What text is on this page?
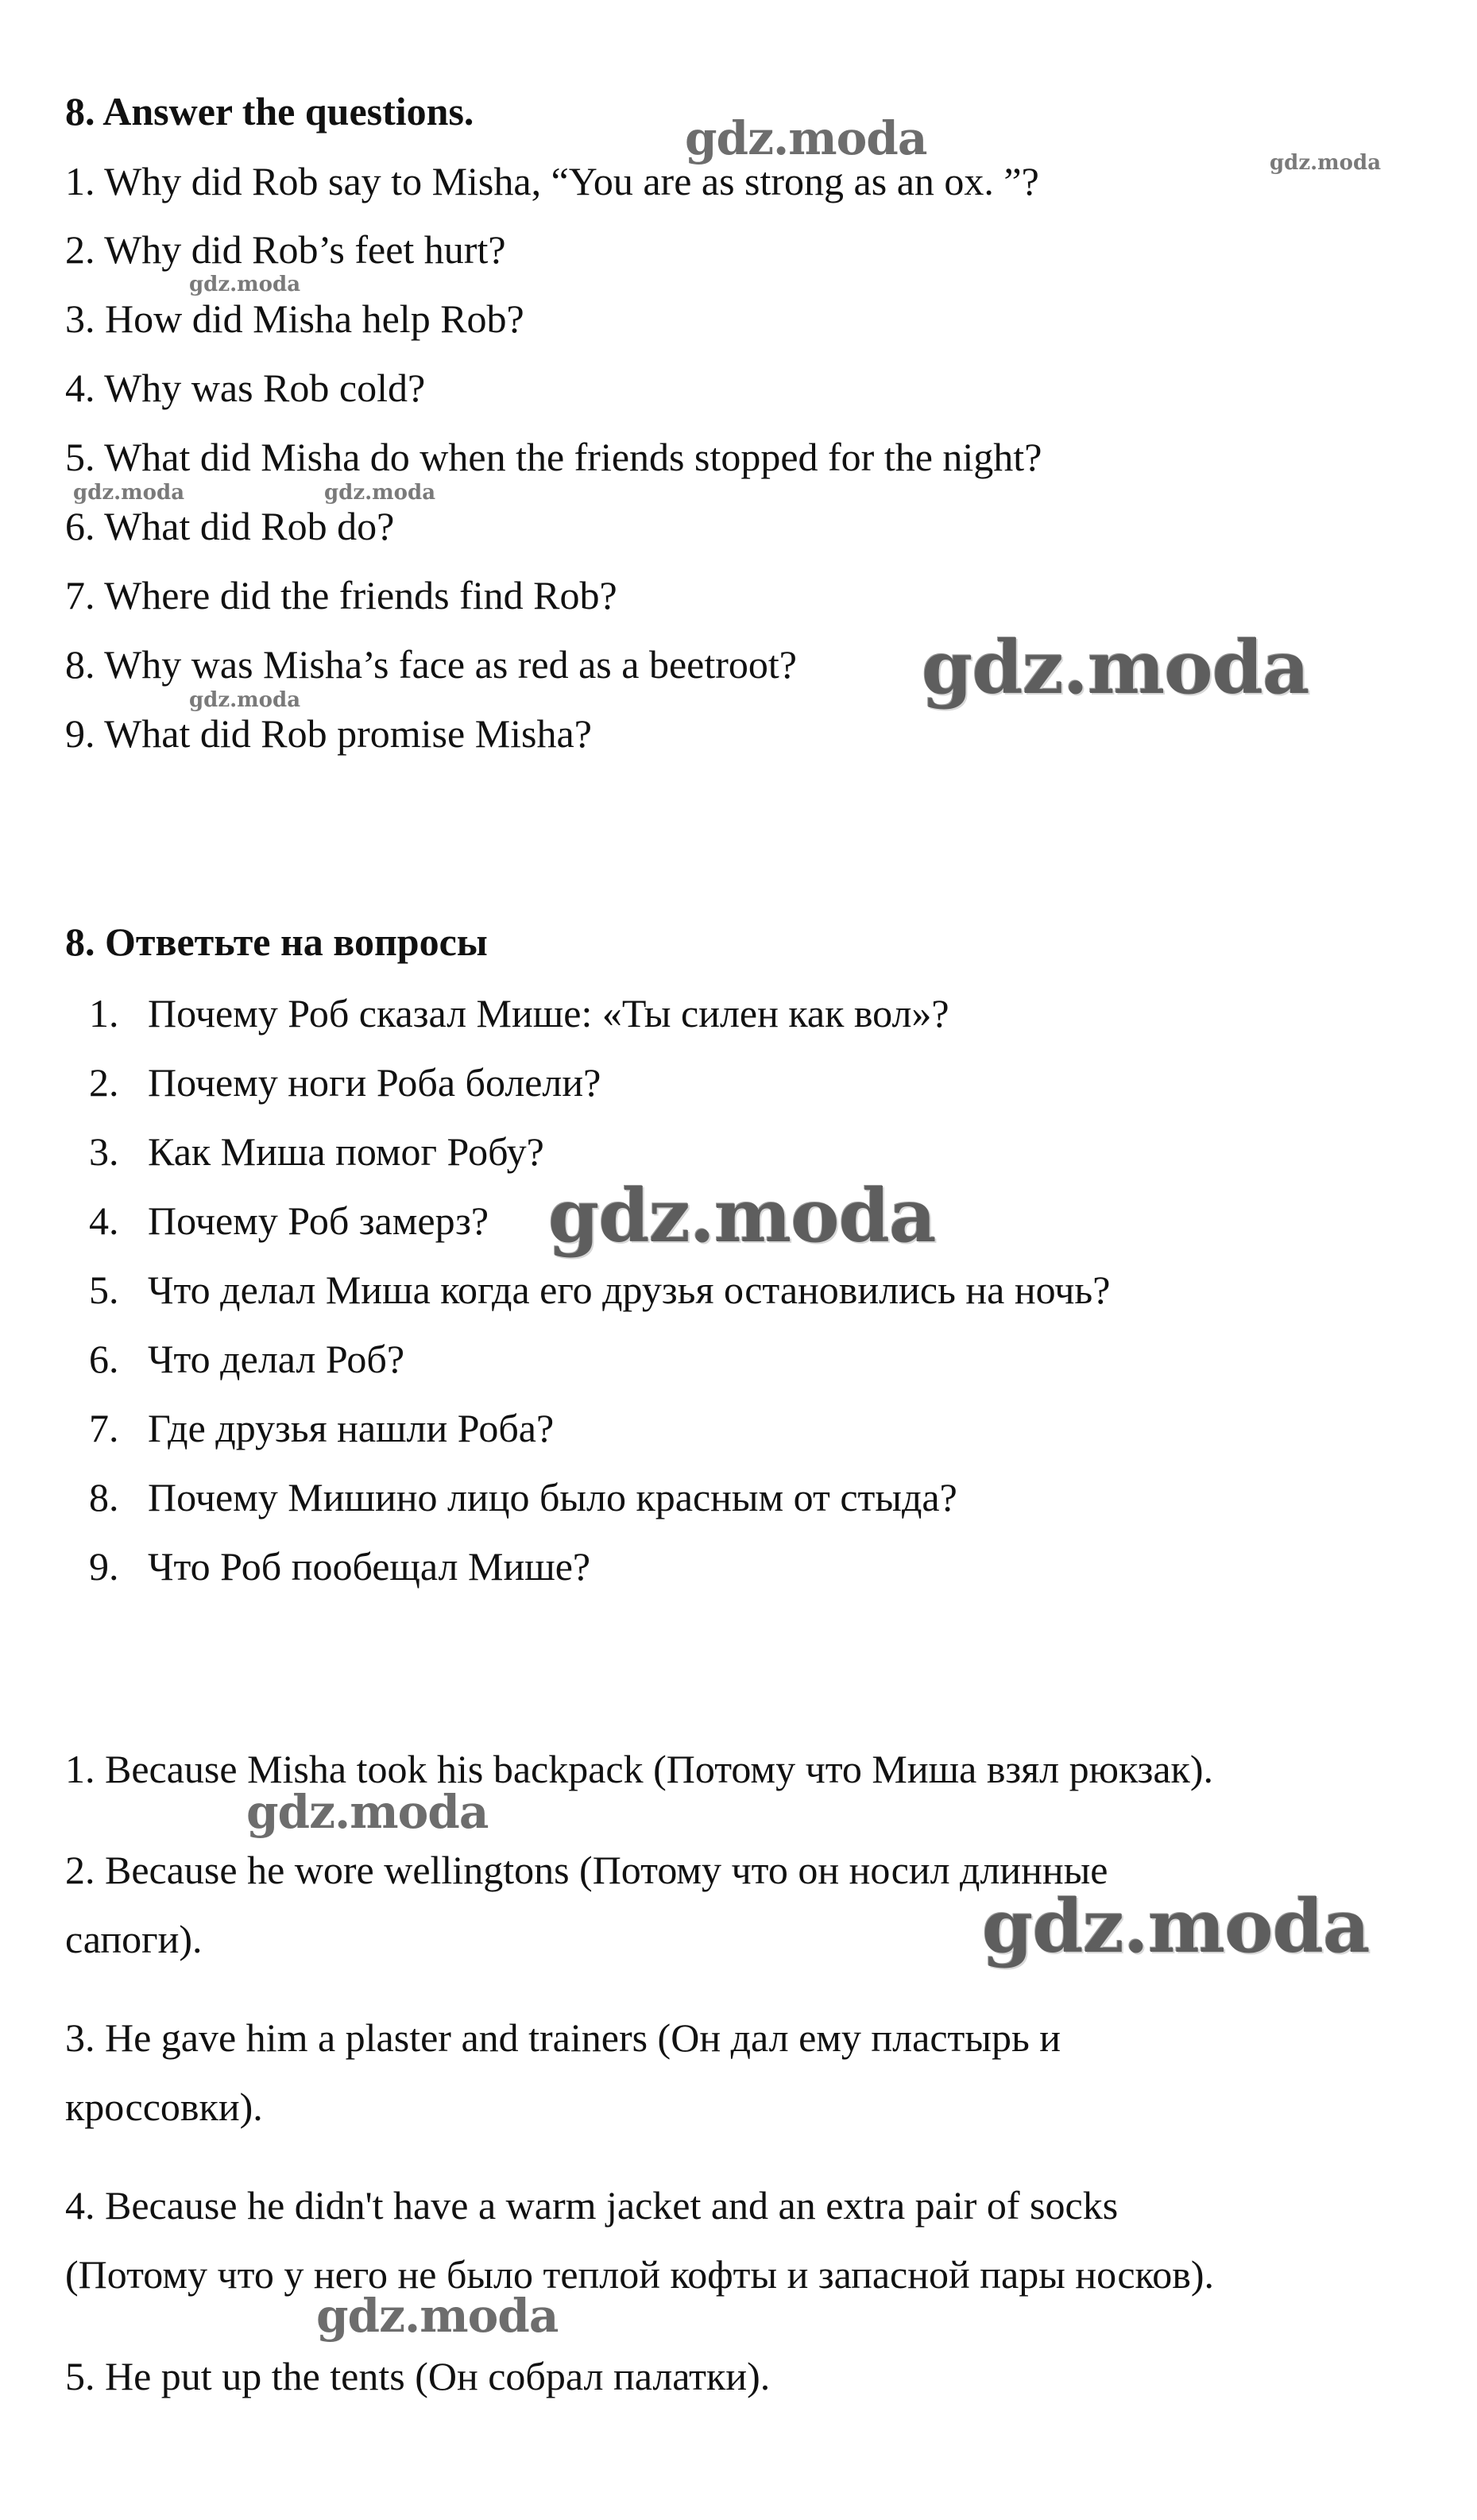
8. Answer the questions.
1. Why did Rob say to Misha, “You are as strong as an ox. ”?
2. Why did Rob’s feet hurt?
3. How did Misha help Rob?
4. Why was Rob cold?
5. What did Misha do when the friends stopped for the night?
6. What did Rob do?
7. Where did the friends find Rob?
8. Why was Misha’s face as red as a beetroot?
9. What did Rob promise Misha?
8. Ответьте на вопросы
1. Почему Роб сказал Мише: «Ты силен как вол»?
2. Почему ноги Роба болели?
3. Как Миша помог Робу?
4. Почему Роб замерз?
5. Что делал Миша когда его друзья остановились на ночь?
6. Что делал Роб?
7. Где друзья нашли Роба?
8. Почему Мишино лицо было красным от стыда?
9. Что Роб пообещал Мише?
1. Because Misha took his backpack (Потому что Миша взял рюкзак).
2. Because he wore wellingtons (Потому что он носил длинные
сапоги).
3. He gave him a plaster and trainers (Он дал ему пластырь и
кроссовки).
4. Because he didn't have a warm jacket and an extra pair of socks
(Потому что у него не было теплой кофты и запасной пары носков).
5. He put up the tents (Он собрал палатки).
gdz.moda	gdz.moda
gdz.moda
gdz.moda	gdz.moda
gdz.moda
gdz.moda
gdz.moda
gdz.moda
gdz.moda
gdz.moda
